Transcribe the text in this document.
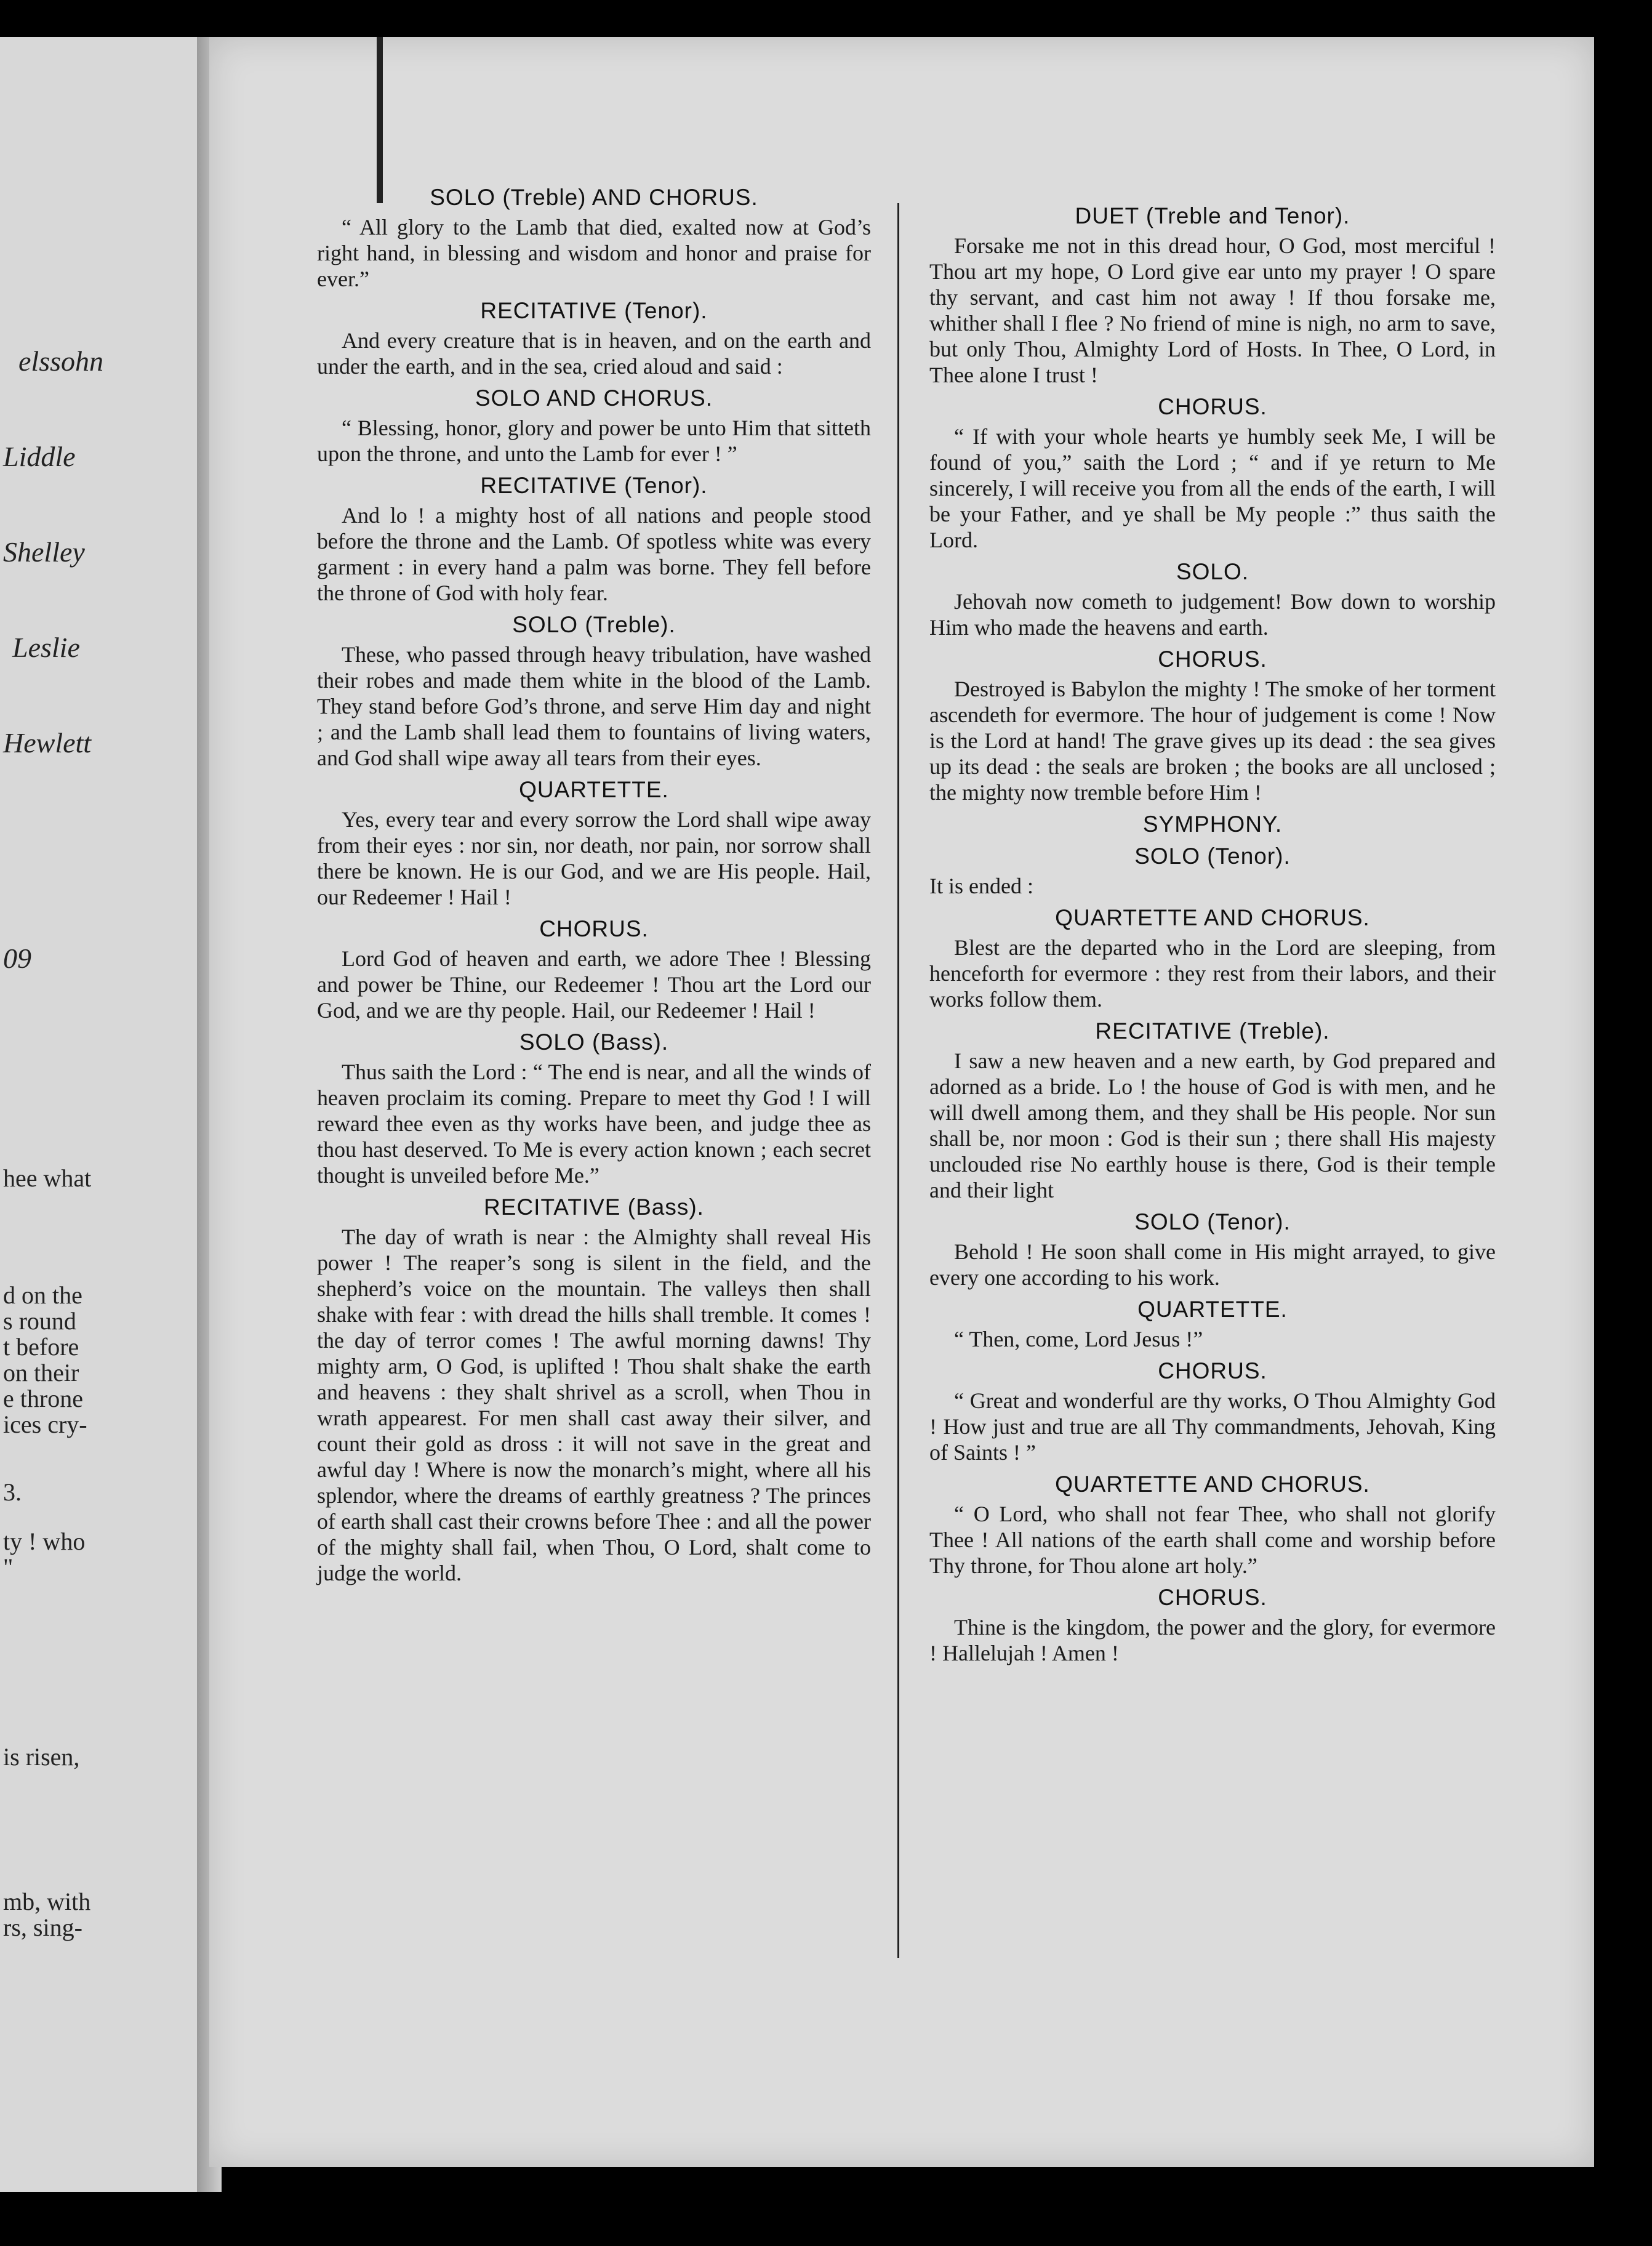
elssohn
Liddle
Shelley
Leslie
Hewlett
09
hee what
d on the
s round
t before
on their
e throne
ices cry-
3.
ty ! who
"
is risen,
mb, with
rs, sing-
SOLO (Treble) AND CHORUS.

“ All glory to the Lamb that died, exalted now at God’s right hand, in blessing and wisdom and honor and praise for ever.”

RECITATIVE (Tenor).

And every creature that is in heaven, and on the earth and under the earth, and in the sea, cried aloud and said :

SOLO AND CHORUS.

“ Blessing, honor, glory and power be unto Him that sitteth upon the throne, and unto the Lamb for ever ! ”

RECITATIVE (Tenor).

And lo ! a mighty host of all nations and people stood before the throne and the Lamb. Of spotless white was every garment : in every hand a palm was borne. They fell before the throne of God with holy fear.

SOLO (Treble).

These, who passed through heavy tribulation, have washed their robes and made them white in the blood of the Lamb. They stand before God’s throne, and serve Him day and night ; and the Lamb shall lead them to fountains of living waters, and God shall wipe away all tears from their eyes.

QUARTETTE.

Yes, every tear and every sorrow the Lord shall wipe away from their eyes : nor sin, nor death, nor pain, nor sorrow shall there be known. He is our God, and we are His people. Hail, our Redeemer ! Hail !

CHORUS.

Lord God of heaven and earth, we adore Thee ! Blessing and power be Thine, our Redeemer ! Thou art the Lord our God, and we are thy people. Hail, our Redeemer ! Hail !

SOLO (Bass).

Thus saith the Lord : “ The end is near, and all the winds of heaven proclaim its coming. Prepare to meet thy God ! I will reward thee even as thy works have been, and judge thee as thou hast deserved. To Me is every action known ; each secret thought is unveiled before Me.”

RECITATIVE (Bass).

The day of wrath is near : the Almighty shall reveal His power ! The reaper’s song is silent in the field, and the shepherd’s voice on the mountain. The valleys then shall shake with fear : with dread the hills shall tremble. It comes ! the day of terror comes ! The awful morning dawns! Thy mighty arm, O God, is uplifted ! Thou shalt shake the earth and heavens : they shalt shrivel as a scroll, when Thou in wrath appearest. For men shall cast away their silver, and count their gold as dross : it will not save in the great and awful day ! Where is now the monarch’s might, where all his splendor, where the dreams of earthly greatness ? The princes of earth shall cast their crowns before Thee : and all the power of the mighty shall fail, when Thou, O Lord, shalt come to judge the world.

DUET (Treble and Tenor).

Forsake me not in this dread hour, O God, most merciful ! Thou art my hope, O Lord give ear unto my prayer ! O spare thy servant, and cast him not away ! If thou forsake me, whither shall I flee ? No friend of mine is nigh, no arm to save, but only Thou, Almighty Lord of Hosts. In Thee, O Lord, in Thee alone I trust !

CHORUS.

“ If with your whole hearts ye humbly seek Me, I will be found of you,” saith the Lord ; “ and if ye return to Me sincerely, I will receive you from all the ends of the earth, I will be your Father, and ye shall be My people :” thus saith the Lord.

SOLO.

Jehovah now cometh to judgement! Bow down to worship Him who made the heavens and earth.

CHORUS.

Destroyed is Babylon the mighty ! The smoke of her torment ascendeth for evermore. The hour of judgement is come ! Now is the Lord at hand! The grave gives up its dead : the sea gives up its dead : the seals are broken ; the books are all unclosed ; the mighty now tremble before Him !

SYMPHONY.
SOLO (Tenor).

It is ended :

QUARTETTE AND CHORUS.

Blest are the departed who in the Lord are sleeping, from henceforth for evermore : they rest from their labors, and their works follow them.

RECITATIVE (Treble).

I saw a new heaven and a new earth, by God prepared and adorned as a bride. Lo ! the house of God is with men, and he will dwell among them, and they shall be His people. Nor sun shall be, nor moon : God is their sun ; there shall His majesty unclouded rise No earthly house is there, God is their temple and their light

SOLO (Tenor).

Behold ! He soon shall come in His might arrayed, to give every one according to his work.

QUARTETTE.

“ Then, come, Lord Jesus !”

CHORUS.

“ Great and wonderful are thy works, O Thou Almighty God ! How just and true are all Thy commandments, Jehovah, King of Saints ! ”

QUARTETTE AND CHORUS.

“ O Lord, who shall not fear Thee, who shall not glorify Thee ! All nations of the earth shall come and worship before Thy throne, for Thou alone art holy.”

CHORUS.

Thine is the kingdom, the power and the glory, for evermore ! Hallelujah ! Amen !
